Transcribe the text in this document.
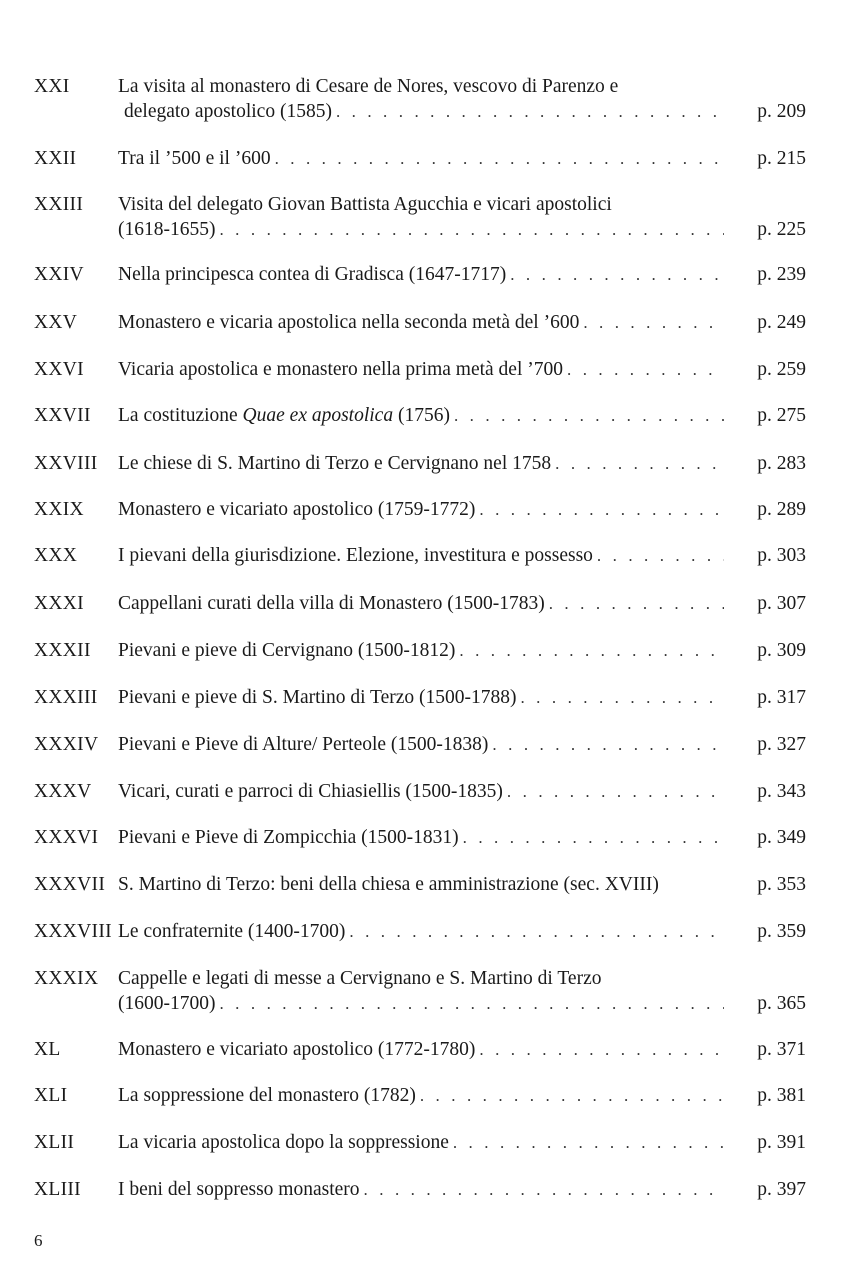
XXI La visita al monastero di Cesare de Nores, vescovo di Parenzo e
delegato apostolico (1585) . . .	p. 209
XXII Tra il ’500 e il ’600 . . .	p. 215
XXIII Visita del delegato Giovan Battista Agucchia e vicari apostolici
(1618-1655) . . .	p. 225
XXIV Nella principesca contea di Gradisca (1647-1717) . . .	p. 239
XXV Monastero e vicaria apostolica nella seconda metà del ’600 . . .	p. 249
XXVI Vicaria apostolica e monastero nella prima metà del ’700 . . .	p. 259
XXVII La costituzione Quae ex apostolica (1756) . . .	p. 275
XXVIII Le chiese di S. Martino di Terzo e Cervignano nel 1758 . . .	p. 283
XXIX Monastero e vicariato apostolico (1759-1772) . . .	p. 289
XXX I pievani della giurisdizione. Elezione, investitura e possesso . . .	p. 303
XXXI Cappellani curati della villa di Monastero (1500-1783) . . .	p. 307
XXXII Pievani e pieve di Cervignano (1500-1812) . . .	p. 309
XXXIII Pievani e pieve di S. Martino di Terzo (1500-1788) . . .	p. 317
XXXIV Pievani e Pieve di Alture/ Perteole (1500-1838) . . .	p. 327
XXXV Vicari, curati e parroci di Chiasiellis (1500-1835) . . .	p. 343
XXXVI Pievani e Pieve di Zompicchia (1500-1831) . . .	p. 349
XXXVII S. Martino di Terzo: beni della chiesa e amministrazione (sec. XVIII)	p. 353
XXXVIII Le confraternite (1400-1700) . . .	p. 359
XXXIX Cappelle e legati di messe a Cervignano e S. Martino di Terzo
(1600-1700) . . .	p. 365
XL	Monastero e vicariato apostolico (1772-1780) . . .	p. 371
XLI	La soppressione del monastero (1782) . . .	p. 381
XLII La vicaria apostolica dopo la soppressione . . .	p. 391
XLIII I beni del soppresso monastero . . .	p. 397
6
